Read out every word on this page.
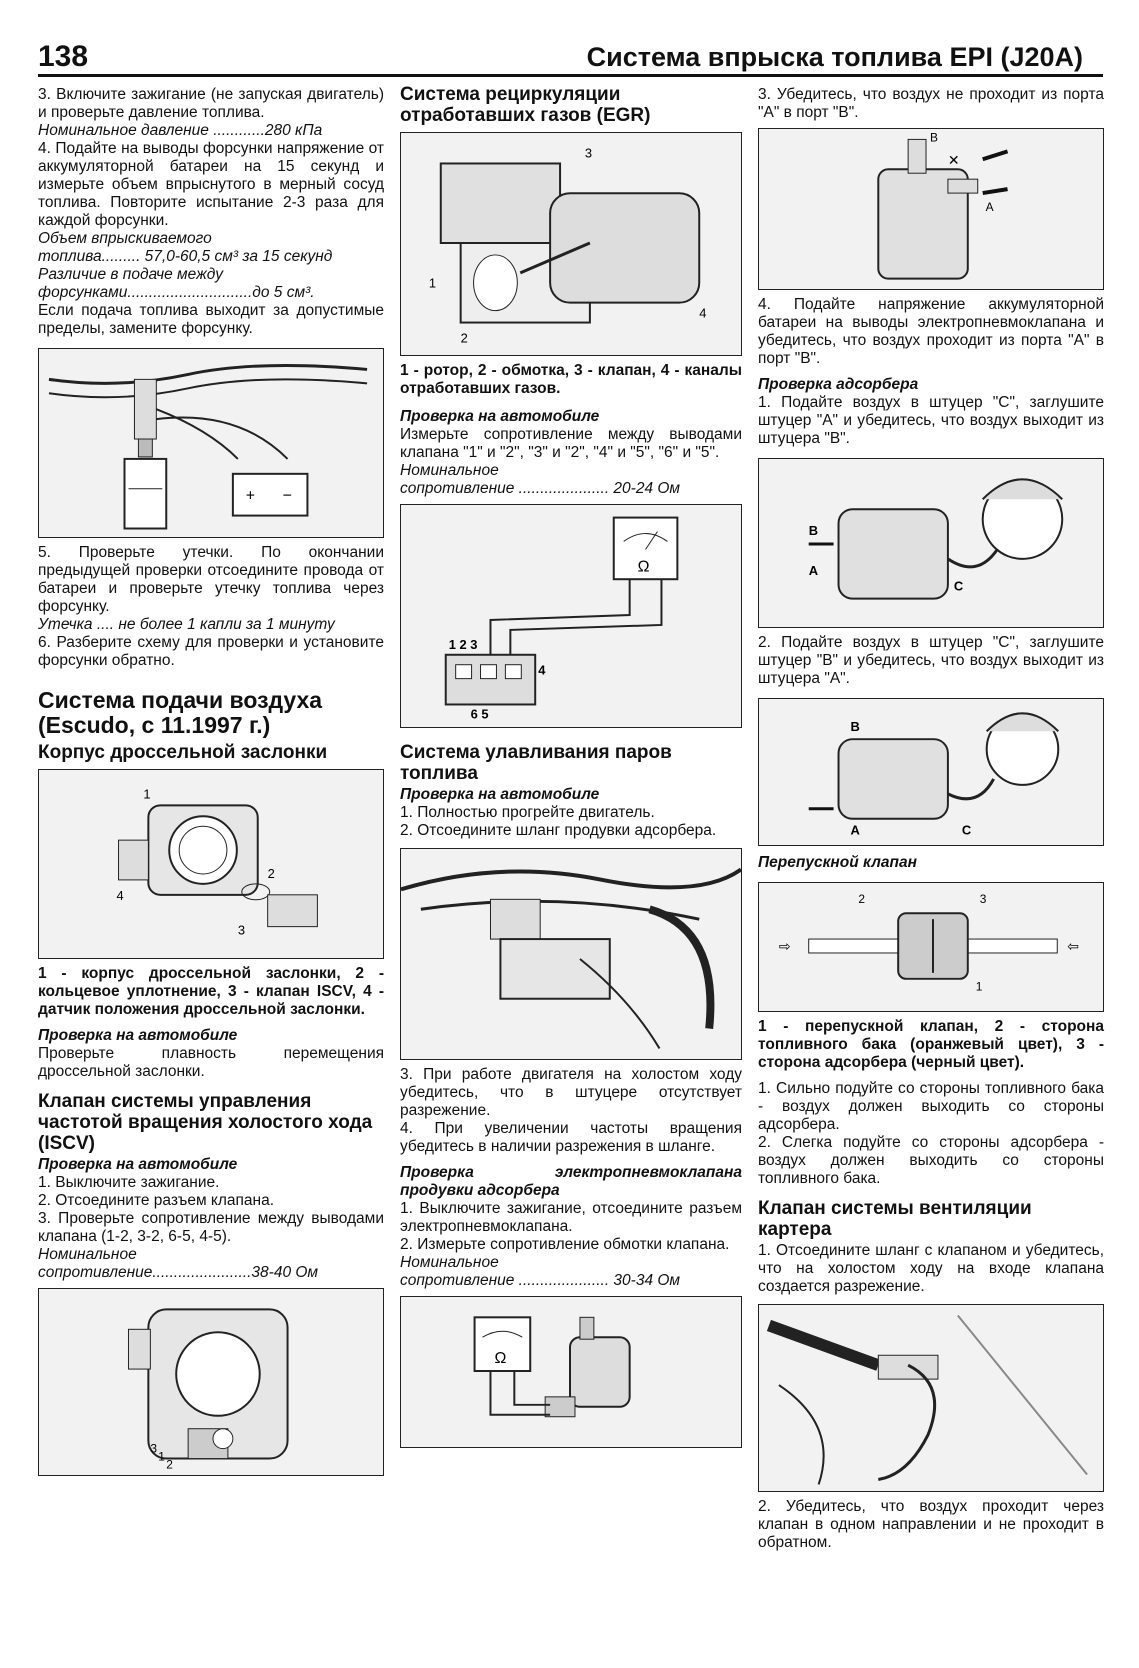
138	Система впрыска топлива EPI (J20A)

3. Включите зажигание (не запуская двигатель) и проверьте давление топлива.

Номинальное давление ............280 кПа

4. Подайте на выводы форсунки напряжение от аккумуляторной батареи на 15 секунд и измерьте объем впрыснутого в мерный сосуд топлива. Повторите испытание 2-3 раза для каждой форсунки.

Объем впрыскиваемого

топлива......... 57,0-60,5 см³ за 15 секунд

Различие в подаче между

форсунками.............................до 5 см³.

Если подача топлива выходит за допустимые пределы, замените форсунку.

+ −

5. Проверьте утечки. По окончании предыдущей проверки отсоедините провода от батареи и проверьте утечку топлива через форсунку.

Утечка .... не более 1 капли за 1 минуту

6. Разберите схему для проверки и установите форсунки обратно.

Система подачи воздуха (Escudo, с 11.1997 г.)
Корпус дроссельной заслонки
1
2
3
4

1 - корпус дроссельной заслонки, 2 - кольцевое уплотнение, 3 - клапан ISCV, 4 - датчик положения дроссельной заслонки.

Проверка на автомобиле

Проверьте плавность перемещения дроссельной заслонки.

Клапан системы управления частотой вращения холостого хода (ISCV)

Проверка на автомобиле

1. Выключите зажигание.

2. Отсоедините разъем клапана.

3. Проверьте сопротивление между выводами клапана (1-2, 3-2, 6-5, 4-5).

Номинальное

сопротивление.......................38-40 Ом

1
2
3
Система рециркуляции отработавших газов (EGR)
3
1
2
4

1 - ротор, 2 - обмотка, 3 - клапан, 4 - каналы отработавших газов.

Проверка на автомобиле

Измерьте сопротивление между выводами клапана "1" и "2", "3" и "2", "4" и "5", "6" и "5".

Номинальное

сопротивление ..................... 20-24 Ом

Ω
1 2 3
4
6 5
Система улавливания паров топлива

Проверка на автомобиле

1. Полностью прогрейте двигатель.

2. Отсоедините шланг продувки адсорбера.

3. При работе двигателя на холостом ходу убедитесь, что в штуцере отсутствует разрежение.

4. При увеличении частоты вращения убедитесь в наличии разрежения в шланге.

Проверка электропневмоклапана продувки адсорбера

1. Выключите зажигание, отсоедините разъем электропневмоклапана.

2. Измерьте сопротивление обмотки клапана.

Номинальное

сопротивление ..................... 30-34 Ом

Ω

3. Убедитесь, что воздух не проходит из порта "A" в порт "B".

✕
B
A

4. Подайте напряжение аккумуляторной батареи на выводы электропневмоклапана и убедитесь, что воздух проходит из порта "A" в порт "B".

Проверка адсорбера

1. Подайте воздух в штуцер "C", заглушите штуцер "A" и убедитесь, что воздух выходит из штуцера "B".

B
A
C

2. Подайте воздух в штуцер "C", заглушите штуцер "B" и убедитесь, что воздух выходит из штуцера "A".

B
A	C

Перепускной клапан

⇨	⇦
1
2	3

1 - перепускной клапан, 2 - сторона топливного бака (оранжевый цвет), 3 - сторона адсорбера (черный цвет).

1. Сильно подуйте со стороны топливного бака - воздух должен выходить со стороны адсорбера.

2. Слегка подуйте со стороны адсорбера - воздух должен выходить со стороны топливного бака.

Клапан системы вентиляции картера

1. Отсоедините шланг с клапаном и убедитесь, что на холостом ходу на входе клапана создается разрежение.

2. Убедитесь, что воздух проходит через клапан в одном направлении и не проходит в обратном.
